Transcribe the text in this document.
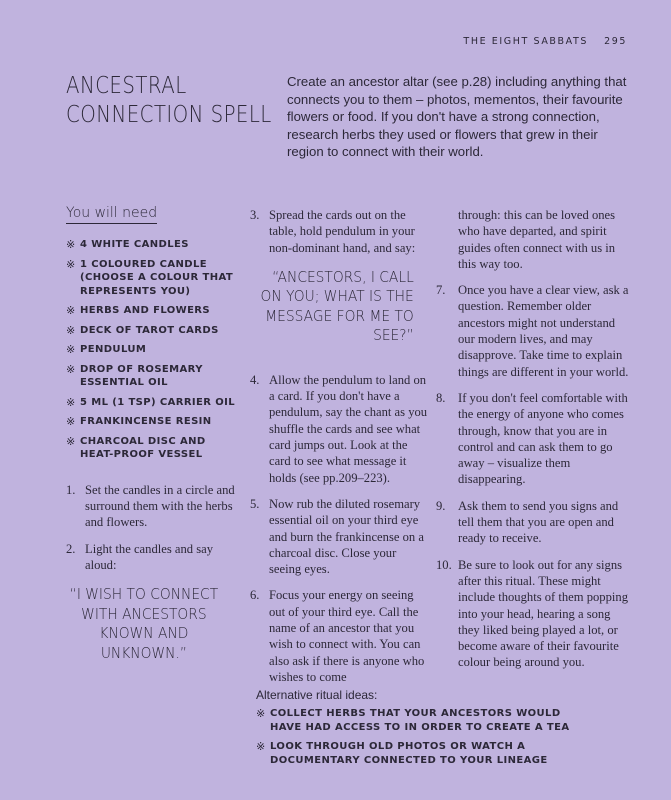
THE EIGHT SABBATS 295
ANCESTRAL
CONNECTION SPELL
Create an ancestor altar (see p.28) including anything that connects you to them – photos, mementos, their favourite flowers or food. If you don't have a strong connection, research herbs they used or flowers that grew in their region to connect with their world.
You will need
※ 4 WHITE CANDLES
※ 1 COLOURED CANDLE (CHOOSE A COLOUR THAT REPRESENTS YOU)
※ HERBS AND FLOWERS
※ DECK OF TAROT CARDS
※ PENDULUM
※ DROP OF ROSEMARY ESSENTIAL OIL
※ 5 ML (1 TSP) CARRIER OIL
※ FRANKINCENSE RESIN
※ CHARCOAL DISC AND HEAT-PROOF VESSEL
1. Set the candles in a circle and surround them with the herbs and flowers.
2. Light the candles and say aloud:
“I WISH TO CONNECT WITH ANCESTORS KNOWN AND UNKNOWN.”
3. Spread the cards out on the table, hold pendulum in your non-dominant hand, and say:
“ANCESTORS, I CALL ON YOU; WHAT IS THE MESSAGE FOR ME TO SEE?”
4. Allow the pendulum to land on a card. If you don't have a pendulum, say the chant as you shuffle the cards and see what card jumps out. Look at the card to see what message it holds (see pp.209–223).
5. Now rub the diluted rosemary essential oil on your third eye and burn the frankincense on a charcoal disc. Close your seeing eyes.
6. Focus your energy on seeing out of your third eye. Call the name of an ancestor that you wish to connect with. You can also ask if there is anyone who wishes to come
through: this can be loved ones who have departed, and spirit guides often connect with us in this way too.
7. Once you have a clear view, ask a question. Remember older ancestors might not understand our modern lives, and may disapprove. Take time to explain things are different in your world.
8. If you don't feel comfortable with the energy of anyone who comes through, know that you are in control and can ask them to go away – visualize them disappearing.
9. Ask them to send you signs and tell them that you are open and ready to receive.
10. Be sure to look out for any signs after this ritual. These might include thoughts of them popping into your head, hearing a song they liked being played a lot, or become aware of their favourite colour being around you.
Alternative ritual ideas:
※ COLLECT HERBS THAT YOUR ANCESTORS WOULD HAVE HAD ACCESS TO IN ORDER TO CREATE A TEA
※ LOOK THROUGH OLD PHOTOS OR WATCH A DOCUMENTARY CONNECTED TO YOUR LINEAGE
